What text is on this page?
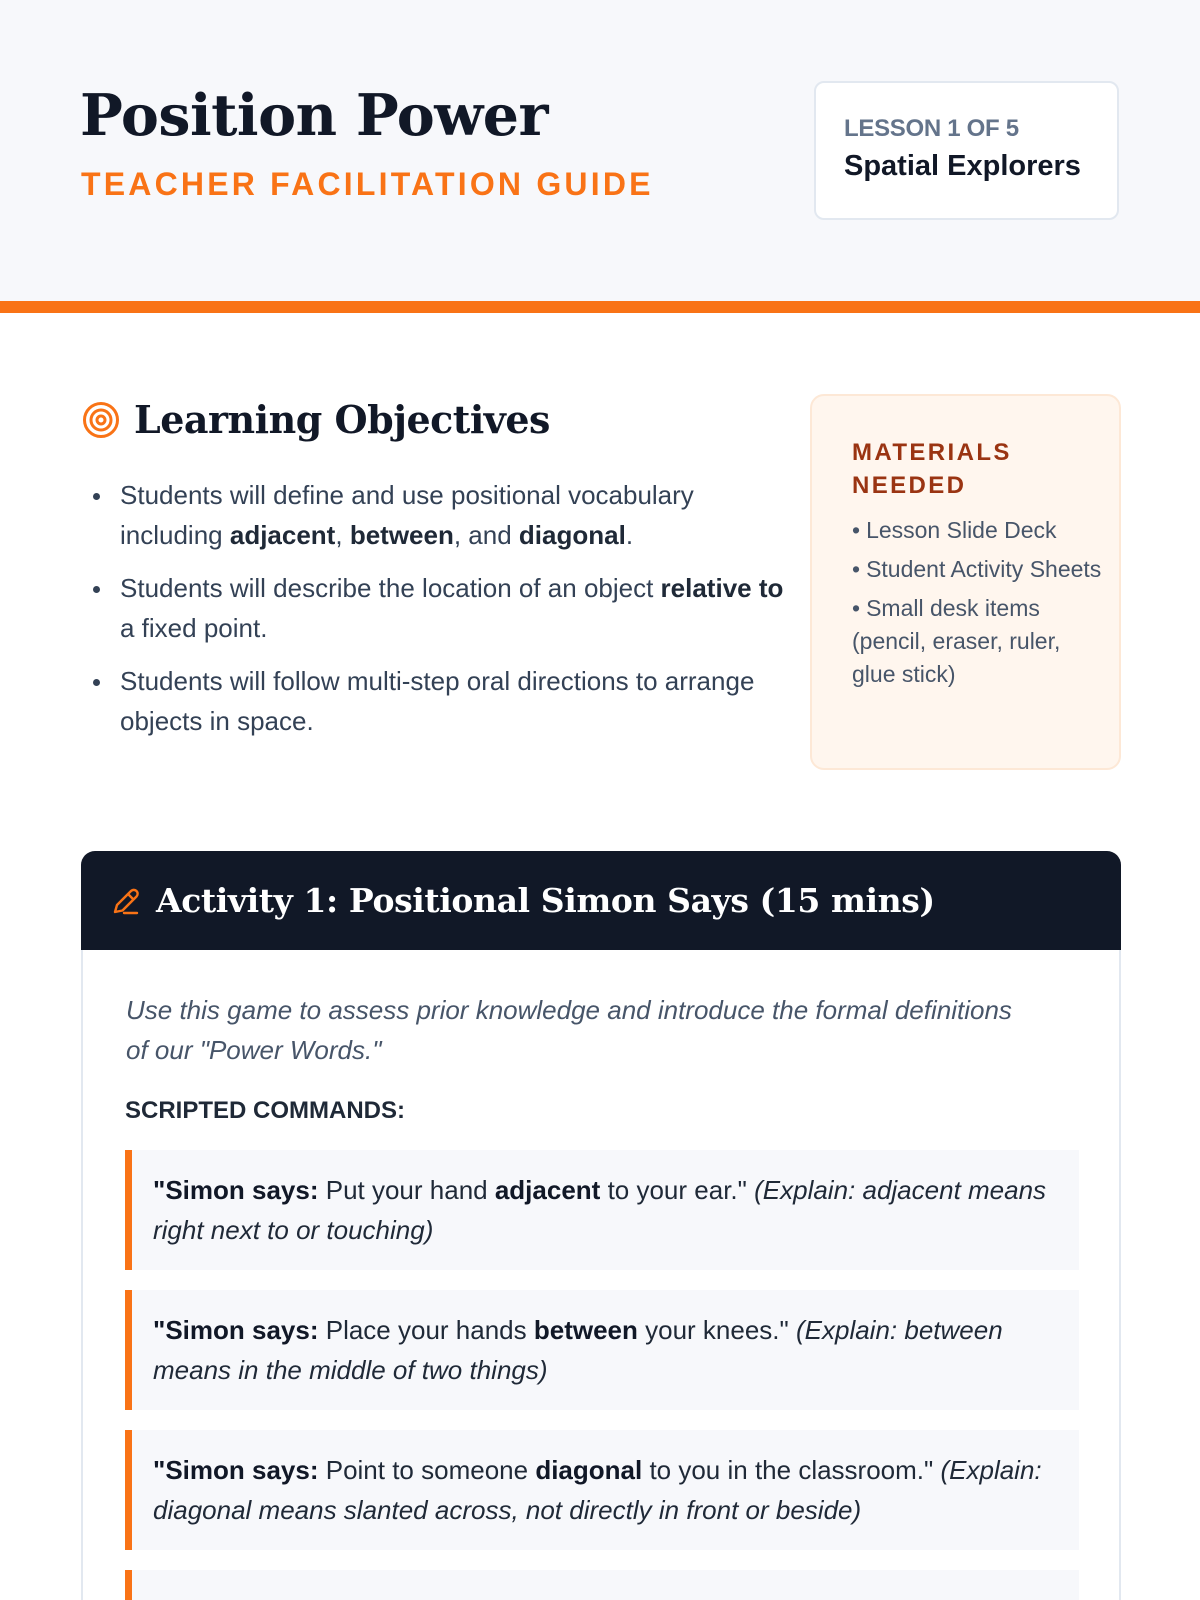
Position Power
TEACHER FACILITATION GUIDE
LESSON 1 OF 5
Spatial Explorers
Learning Objectives
Students will define and use positional vocabulary including adjacent, between, and diagonal.
Students will describe the location of an object relative to a fixed point.
Students will follow multi-step oral directions to arrange objects in space.
MATERIALS NEEDED
• Lesson Slide Deck
• Student Activity Sheets
• Small desk items (pencil, eraser, ruler, glue stick)
Activity 1: Positional Simon Says (15 mins)

Use this game to assess prior knowledge and introduce the formal definitions of our "Power Words."

SCRIPTED COMMANDS:
"Simon says: Put your hand adjacent to your ear." (Explain: adjacent means right next to or touching)
"Simon says: Place your hands between your knees." (Explain: between means in the middle of two things)
"Simon says: Point to someone diagonal to you in the classroom." (Explain: diagonal means slanted across, not directly in front or beside)
